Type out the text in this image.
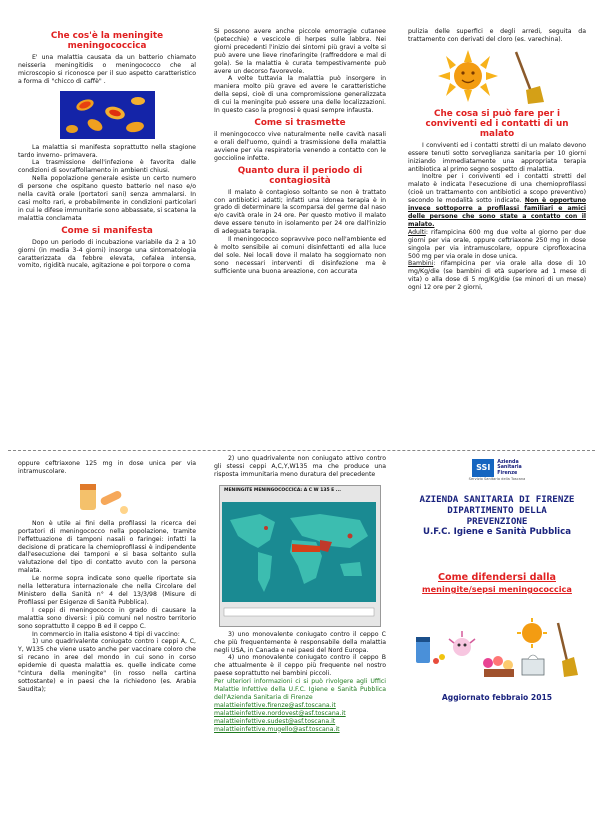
Che cos'è la meningite meningococcica

E' una malattia causata da un batterio chiamato neisseria meningitidis o meningococco che al microscopio si riconosce per il suo aspetto caratteristico a forma di "chicco di caffè" .

La malattia si manifesta soprattutto nella stagione tardo inverno- primavera.

La trasmissione dell'infezione è favorita dalle condizioni di sovraffollamento in ambienti chiusi.

Nella popolazione generale esiste un certo numero di persone che ospitano questo batterio nel naso e/o nella cavità orale (portatori sani) senza ammalarsi. In casi molto rari, e probabilmente in condizioni particolari in cui le difese immunitarie sono abbassate, si scatena la malattia conclamata

Come si manifesta

Dopo un periodo di incubazione variabile da 2 a 10 giorni (in media 3-4 giorni) insorge una sintomatologia caratterizzata da febbre elevata, cefalea intensa, vomito, rigidità nucale, agitazione e poi torpore o coma

Si possono avere anche piccole emorragie cutanee (petecchie) e vescicole di herpes sulle labbra. Nei giorni precedenti l'inizio dei sintomi più gravi a volte si può avere une lieve rinofaringite (raffreddore e mal di gola). Se la malattia è curata tempestivamente può avere un decorso favorevole.

A volte tuttavia la malattia può insorgere in maniera molto più grave ed avere le caratteristiche della sepsi, cioè di una compromissione generalizzata di cui la meningite può essere una delle localizzazioni. In questo caso la prognosi è quasi sempre infausta.

Come si trasmette

il meningococco vive naturalmente nelle cavità nasali e orali dell'uomo, quindi a trasmissione della malattia avviene per via respiratoria venendo a contatto con le goccioline infette.

Quanto dura il periodo di contagiosità

Il malato è contagioso soltanto se non è trattato con antibiotici adatti; infatti una idonea terapia è in grado di determinare la scomparsa del germe dal naso e/o cavità orale in 24 ore. Per questo motivo il malato deve essere tenuto in isolamento per 24 ore dall'inizio di adeguata terapia.

Il meningococco sopravvive poco nell'ambiente ed è molto sensibile ai comuni disinfettanti ed alla luce del sole. Nei locali dove il malato ha soggiornato non sono necessari interventi di disinfezione ma è sufficiente una buona areazione, con accurata

pulizia delle superfici e degli arredi, seguita da trattamento con derivati del cloro (es. varechina).

Che cosa si può fare per i conviventi ed i contatti di un malato

I conviventi ed i contatti stretti di un malato devono essere tenuti sotto sorveglianza sanitaria per 10 giorni iniziando immediatamente una appropriata terapia antibiotica al primo segno sospetto di malattia.

Inoltre per i conviventi ed i contatti stretti del malato è indicata l'esecuzione di una chemioprofilassi (cioè un trattamento con antibiotici a scopo preventivo) secondo le modalità sotto indicate. Non è opportuno invece sottoporre a profilassi familiari e amici delle persone che sono state a contatto con il malato.

Adulti: rifampicina 600 mg due volte al giorno per due giorni per via orale, oppure ceftriaxone 250 mg in dose singola per via intramuscolare, oppure ciprofloxacina 500 mg per via orale in dose unica.

Bambini: rifampicina per via orale alla dose di 10 mg/Kg/die (se bambini di età superiore ad 1 mese di vita) o alla dose di 5 mg/Kg/die (se minori di un mese) ogni 12 ore per 2 giorni,

oppure ceftriaxone 125 mg in dose unica per via intramuscolare.

Non è utile ai fini della profilassi la ricerca dei portatori di meningococco nella popolazione, tramite l'effettuazione di tamponi nasali o faringei: infatti la decisione di praticare la chemioprofilassi è indipendente dall'esecuzione dei tamponi e si basa soltanto sulla valutazione del tipo di contatto avuto con la persona malata.

Le norme sopra indicate sono quelle riportate sia nella letteratura internazionale che nella Circolare del Ministero della Sanità n° 4 del 13/3/98 (Misure di Profilassi per Esigenze di Sanità Pubblica).

I ceppi di meningococco in grado di causare la malattia sono diversi: i più comuni nel nostro territorio sono soprattutto il ceppo B ed il ceppo C.

In commercio in Italia esistono 4 tipi di vaccino:

1) uno quadrivalente coniugato contro i ceppi A, C, Y, W135 che viene usato anche per vaccinare coloro che si recano in aree del mondo in cui sono in corso epidemie di questa malattia es. quelle indicate come "cintura della meningite" (in rosso nella cartina sottostante) e in paesi che la richiedono (es. Arabia Saudita);

2) uno quadrivalente non coniugato attivo contro gli stessi ceppi A,C,Y,W135 ma che produce una risposta immunitaria meno duratura del precedente

MENINGITE MENINGOCOCCICA: A C W 135 E ...

3) uno monovalente coniugato contro il ceppo C che più frequentemente è responsabile della malattia negli USA, in Canada e nei paesi del Nord Europa.

4) uno monovalente coniugato contro il ceppo B che attualmente è il ceppo più frequente nel nostro paese soprattutto nei bambini piccoli.

Per ulteriori informazioni ci si può rivolgere agli Uffici Malattie Infettive della U.F.C. Igiene e Sanità Pubblica dell'Azienda Sanitaria di Firenze

malattieinfettive.firenze@asf.toscana.it
malattieinfettive.nordovest@asf.toscana.it
malattieinfettive.sudest@asf.toscana.it
malattieinfettive.mugello@asf.toscana.it
SSI
Azienda
Sanitaria
Firenze
Servizio Sanitario della Toscana
AZIENDA SANITARIA DI FIRENZE
DIPARTIMENTO DELLA PREVENZIONE
U.F.C. Igiene e Sanità Pubblica
Come difendersi dalla
meningite/sepsi meningococcica
Aggiornato febbraio 2015
